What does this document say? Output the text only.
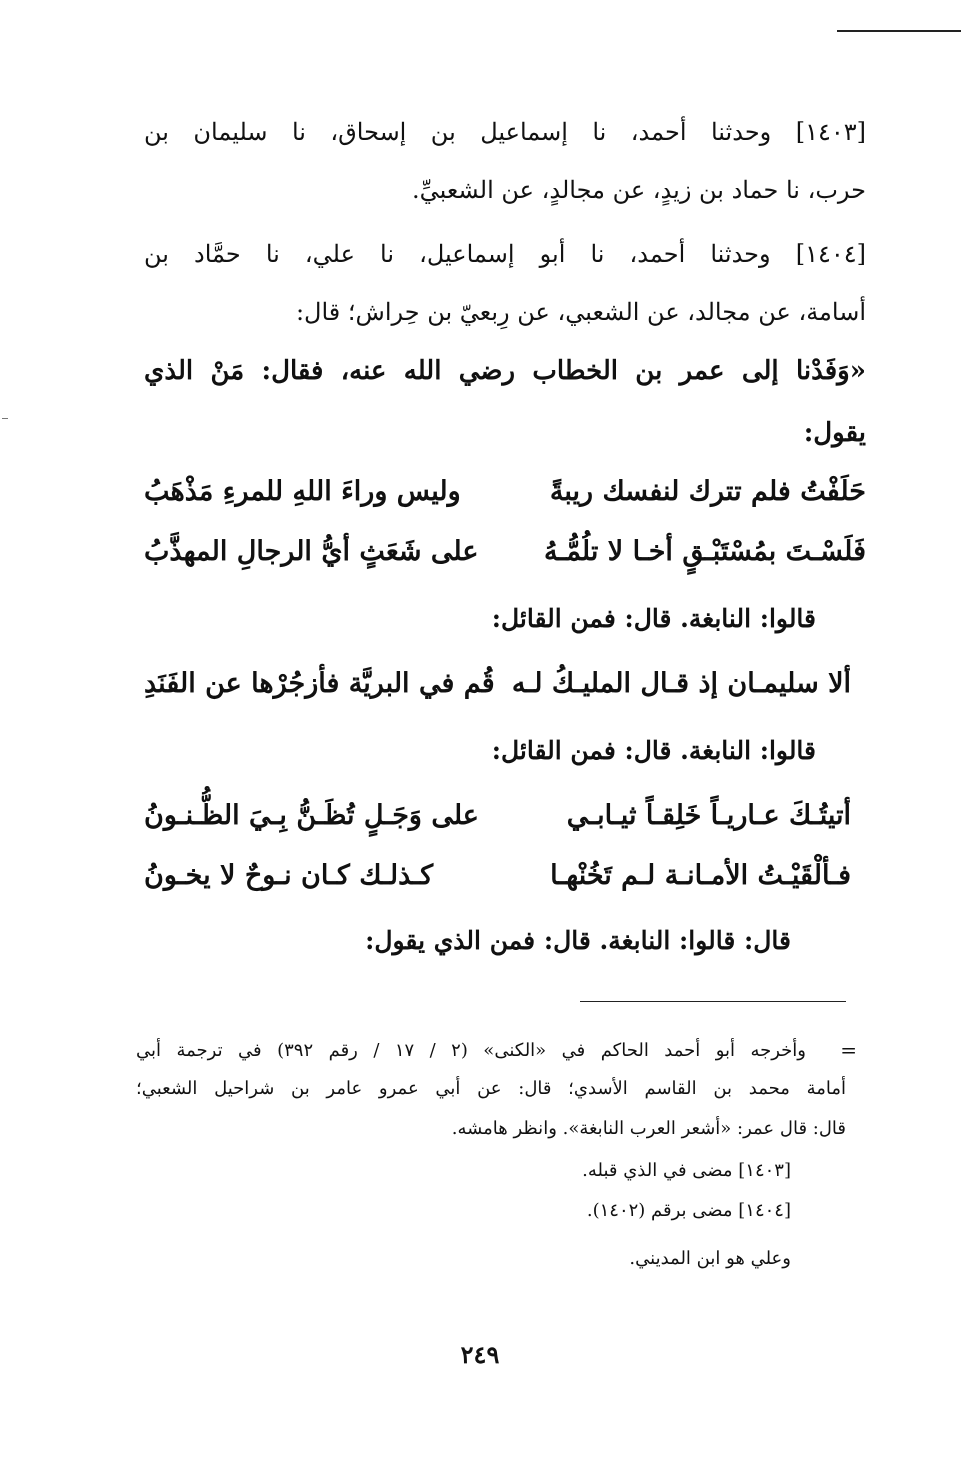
[١٤٠٣] وحدثنا أحمد، نا إسماعيل بن إسحاق، نا سليمان بن
حرب، نا حماد بن زيدٍ، عن مجالدٍ، عن الشعبيِّ.
[١٤٠٤] وحدثنا أحمد، نا أبو إسماعيل، نا علي، نا حمَّاد بن
أسامة، عن مجالد، عن الشعبي، عن رِبعيّ بن حِراش؛ قال:
«وَفَدْنا إلى عمر بن الخطاب رضي الله عنه، فقال: مَنْ الذي
يقول:
حَلَفْتُ فلم تترك لنفسك ريبةً
وليس وراءَ اللهِ للمرءِ مَذْهَبُ
فَلَسْـتَ بمُسْتَبْـقٍ أخـا لا تلُمُّـهُ
على شَعَثٍ أيُّ الرجالِ المهذَّبُ
قالوا: النابغة. قال: فمن القائل:
ألا سليمـان إذ قـال المليـكُ لـه
قُم في البريَّة فأزجُرْها عن الفَنَدِ
قالوا: النابغة. قال: فمن القائل:
أتيتُـكَ عـاريـاً خَلِقـاً ثيـابـي
على وَجَـلٍ تُظَـنُّ بِـيَ الظُّـنـونُ
فـألْقَيْـتُ الأمـانـة لـم تَخُنْهـا
كـذلـك كـان نـوحٌ لا يخـونُ
قال: قالوا: النابغة. قال: فمن الذي يقول:
=
وأخرجه أبو أحمد الحاكم في «الكنى» (٢ / ١٧ / رقم ٣٩٢) في ترجمة أبي
أمامة محمد بن القاسم الأسدي؛ قال: عن أبي عمرو عامر بن شراحيل الشعبي؛
قال: قال عمر: «أشعر العرب النابغة». وانظر هامشه.
[١٤٠٣] مضى في الذي قبله.
[١٤٠٤] مضى برقم (١٤٠٢).
وعلي هو ابن المديني.
٢٤٩
